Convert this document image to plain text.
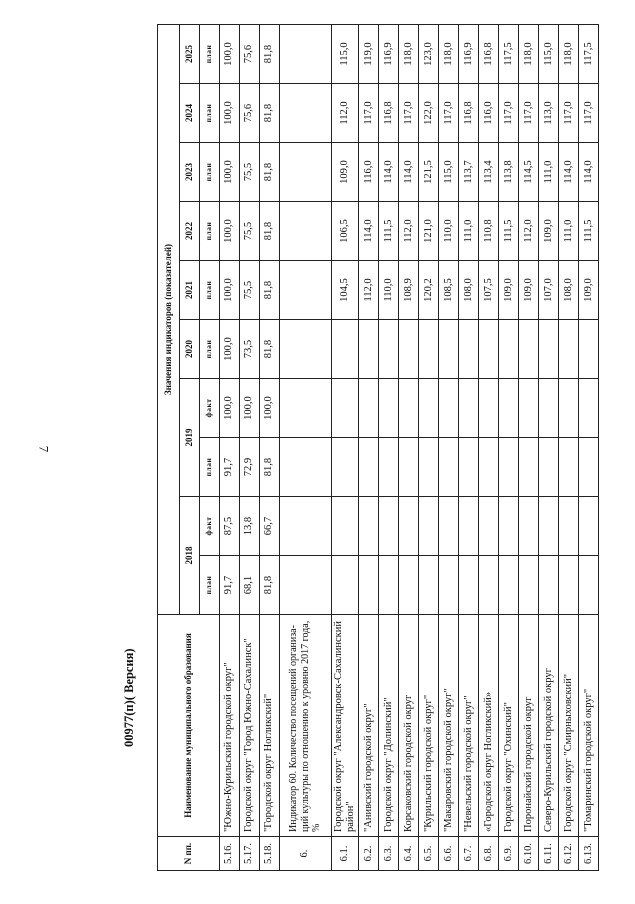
7
00977(п)( Версия)
N пп.	Наименование муниципального образования	Значения индикаторов (показателей)									
		2018		2019		2020	2021	2022	2023	2024	2025
		план	факт	план	факт	план	план	план	план	план	план
5.16.	"Южно-Курильский городской округ"	91,7	87,5	91,7	100,0	100,0	100,0	100,0	100,0	100,0	100,0
5.17.	Городской округ "Город Южно-Сахалинск"	68,1	13,8	72,9	100,0	73,5	75,5	75,5	75,5	75,6	75,6
5.18.	"Городской округ Ногликский"	81,8	66,7	81,8	100,0	81,8	81,8	81,8	81,8	81,8	81,8
6.	Индикатор 60. Количество посещений организа-ций культуры по отношению к уровню 2017 года, %										
6.1.	Городской округ "Александровск-Сахалинский район"						104,5	106,5	109,0	112,0	115,0
6.2.	"Анивский городской округ"						112,0	114,0	116,0	117,0	119,0
6.3.	Городской округ "Долинский"						110,0	111,5	114,0	116,8	116,9
6.4.	Корсаковский городской округ						108,9	112,0	114,0	117,0	118,0
6.5.	"Курильский городской округ"						120,2	121,0	121,5	122,0	123,0
6.6.	"Макаровский городской округ"						108,5	110,0	115,0	117,0	118,0
6.7.	"Невельский городской округ"						108,0	111,0	113,7	116,8	116,9
6.8.	«Городской округ Ногликский»						107,5	110,8	113,4	116,0	116,8
6.9.	Городской округ "Охинский"						109,0	111,5	113,8	117,0	117,5
6.10.	Поронайский городской округ						109,0	112,0	114,5	117,0	118,0
6.11.	Северо-Курильский городской округ						107,0	109,0	111,0	113,0	115,0
6.12.	Городской округ "Смирныховский"						108,0	111,0	114,0	117,0	118,0
6.13.	"Томаринский городской округ"						109,0	111,5	114,0	117,0	117,5
